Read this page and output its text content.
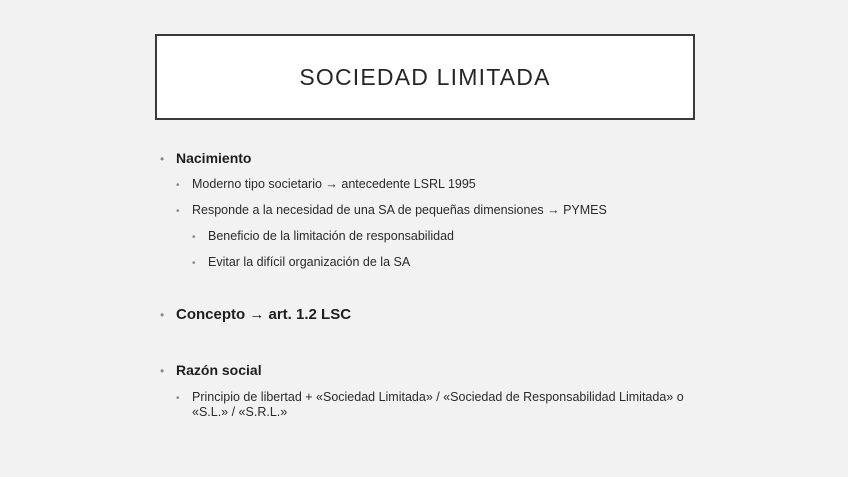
SOCIEDAD LIMITADA
• Nacimiento
• Moderno tipo societario → antecedente LSRL 1995
• Responde a la necesidad de una SA de pequeñas dimensiones → PYMES
• Beneficio de la limitación de responsabilidad
• Evitar la difícil organización de la SA
• Concepto → art. 1.2 LSC
• Razón social
• Principio de libertad + «Sociedad Limitada» / «Sociedad de Responsabilidad Limitada» o «S.L.» / «S.R.L.»
